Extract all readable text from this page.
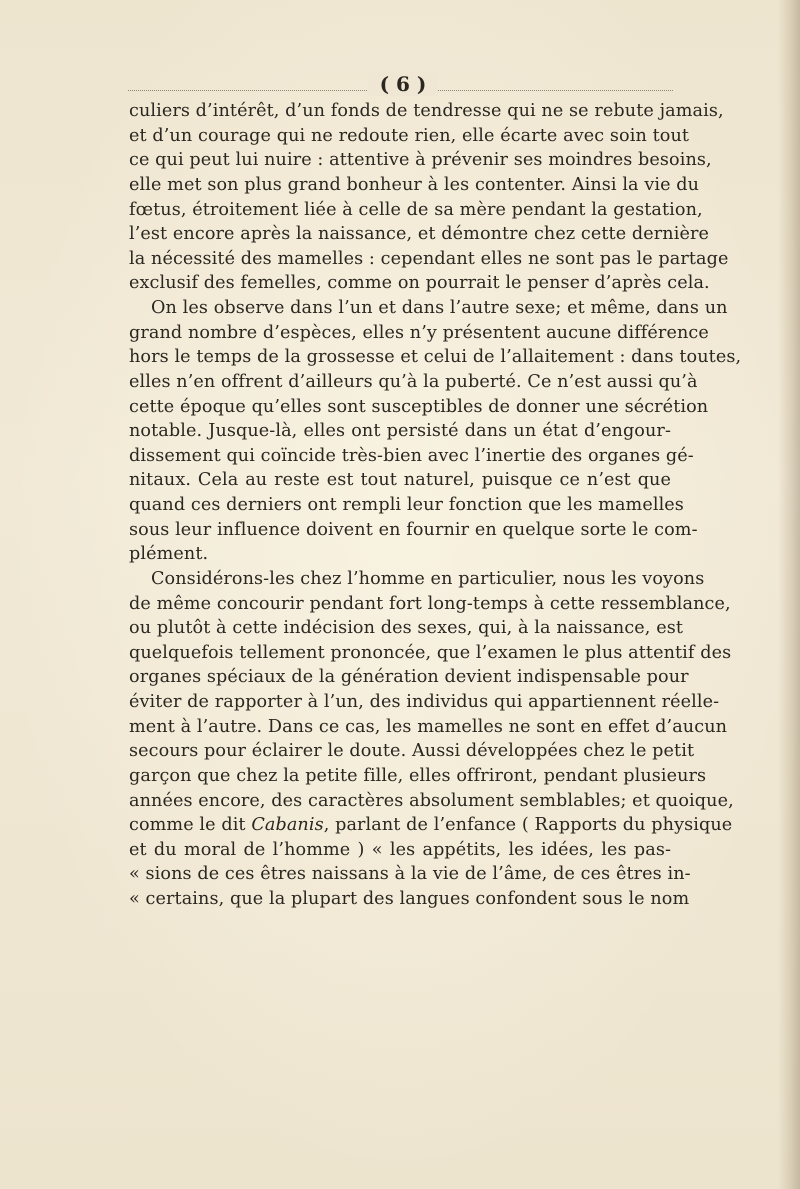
( 6 )
culiers d’intérêt, d’un fonds de tendresse qui ne se rebute jamais,
et d’un courage qui ne redoute rien, elle écarte avec soin tout
ce qui peut lui nuire : attentive à prévenir ses moindres besoins,
elle met son plus grand bonheur à les contenter. Ainsi la vie du
fœtus, étroitement liée à celle de sa mère pendant la gestation,
l’est encore après la naissance, et démontre chez cette dernière
la nécessité des mamelles : cependant elles ne sont pas le partage
exclusif des femelles, comme on pourrait le penser d’après cela.
On les observe dans l’un et dans l’autre sexe; et même, dans un
grand nombre d’espèces, elles n’y présentent aucune différence
hors le temps de la grossesse et celui de l’allaitement : dans toutes,
elles n’en offrent d’ailleurs qu’à la puberté. Ce n’est aussi qu’à
cette époque qu’elles sont susceptibles de donner une sécrétion
notable. Jusque-là, elles ont persisté dans un état d’engour-
dissement qui coïncide très-bien avec l’inertie des organes gé-
nitaux. Cela au reste est tout naturel, puisque ce n’est que
quand ces derniers ont rempli leur fonction que les mamelles
sous leur influence doivent en fournir en quelque sorte le com-
plément.
Considérons-les chez l’homme en particulier, nous les voyons
de même concourir pendant fort long-temps à cette ressemblance,
ou plutôt à cette indécision des sexes, qui, à la naissance, est
quelquefois tellement prononcée, que l’examen le plus attentif des
organes spéciaux de la génération devient indispensable pour
éviter de rapporter à l’un, des individus qui appartiennent réelle-
ment à l’autre. Dans ce cas, les mamelles ne sont en effet d’aucun
secours pour éclairer le doute. Aussi développées chez le petit
garçon que chez la petite fille, elles offriront, pendant plusieurs
années encore, des caractères absolument semblables; et quoique,
comme le dit Cabanis, parlant de l’enfance ( Rapports du physique
et du moral de l’homme ) « les appétits, les idées, les pas-
« sions de ces êtres naissans à la vie de l’âme, de ces êtres in-
« certains, que la plupart des langues confondent sous le nom
